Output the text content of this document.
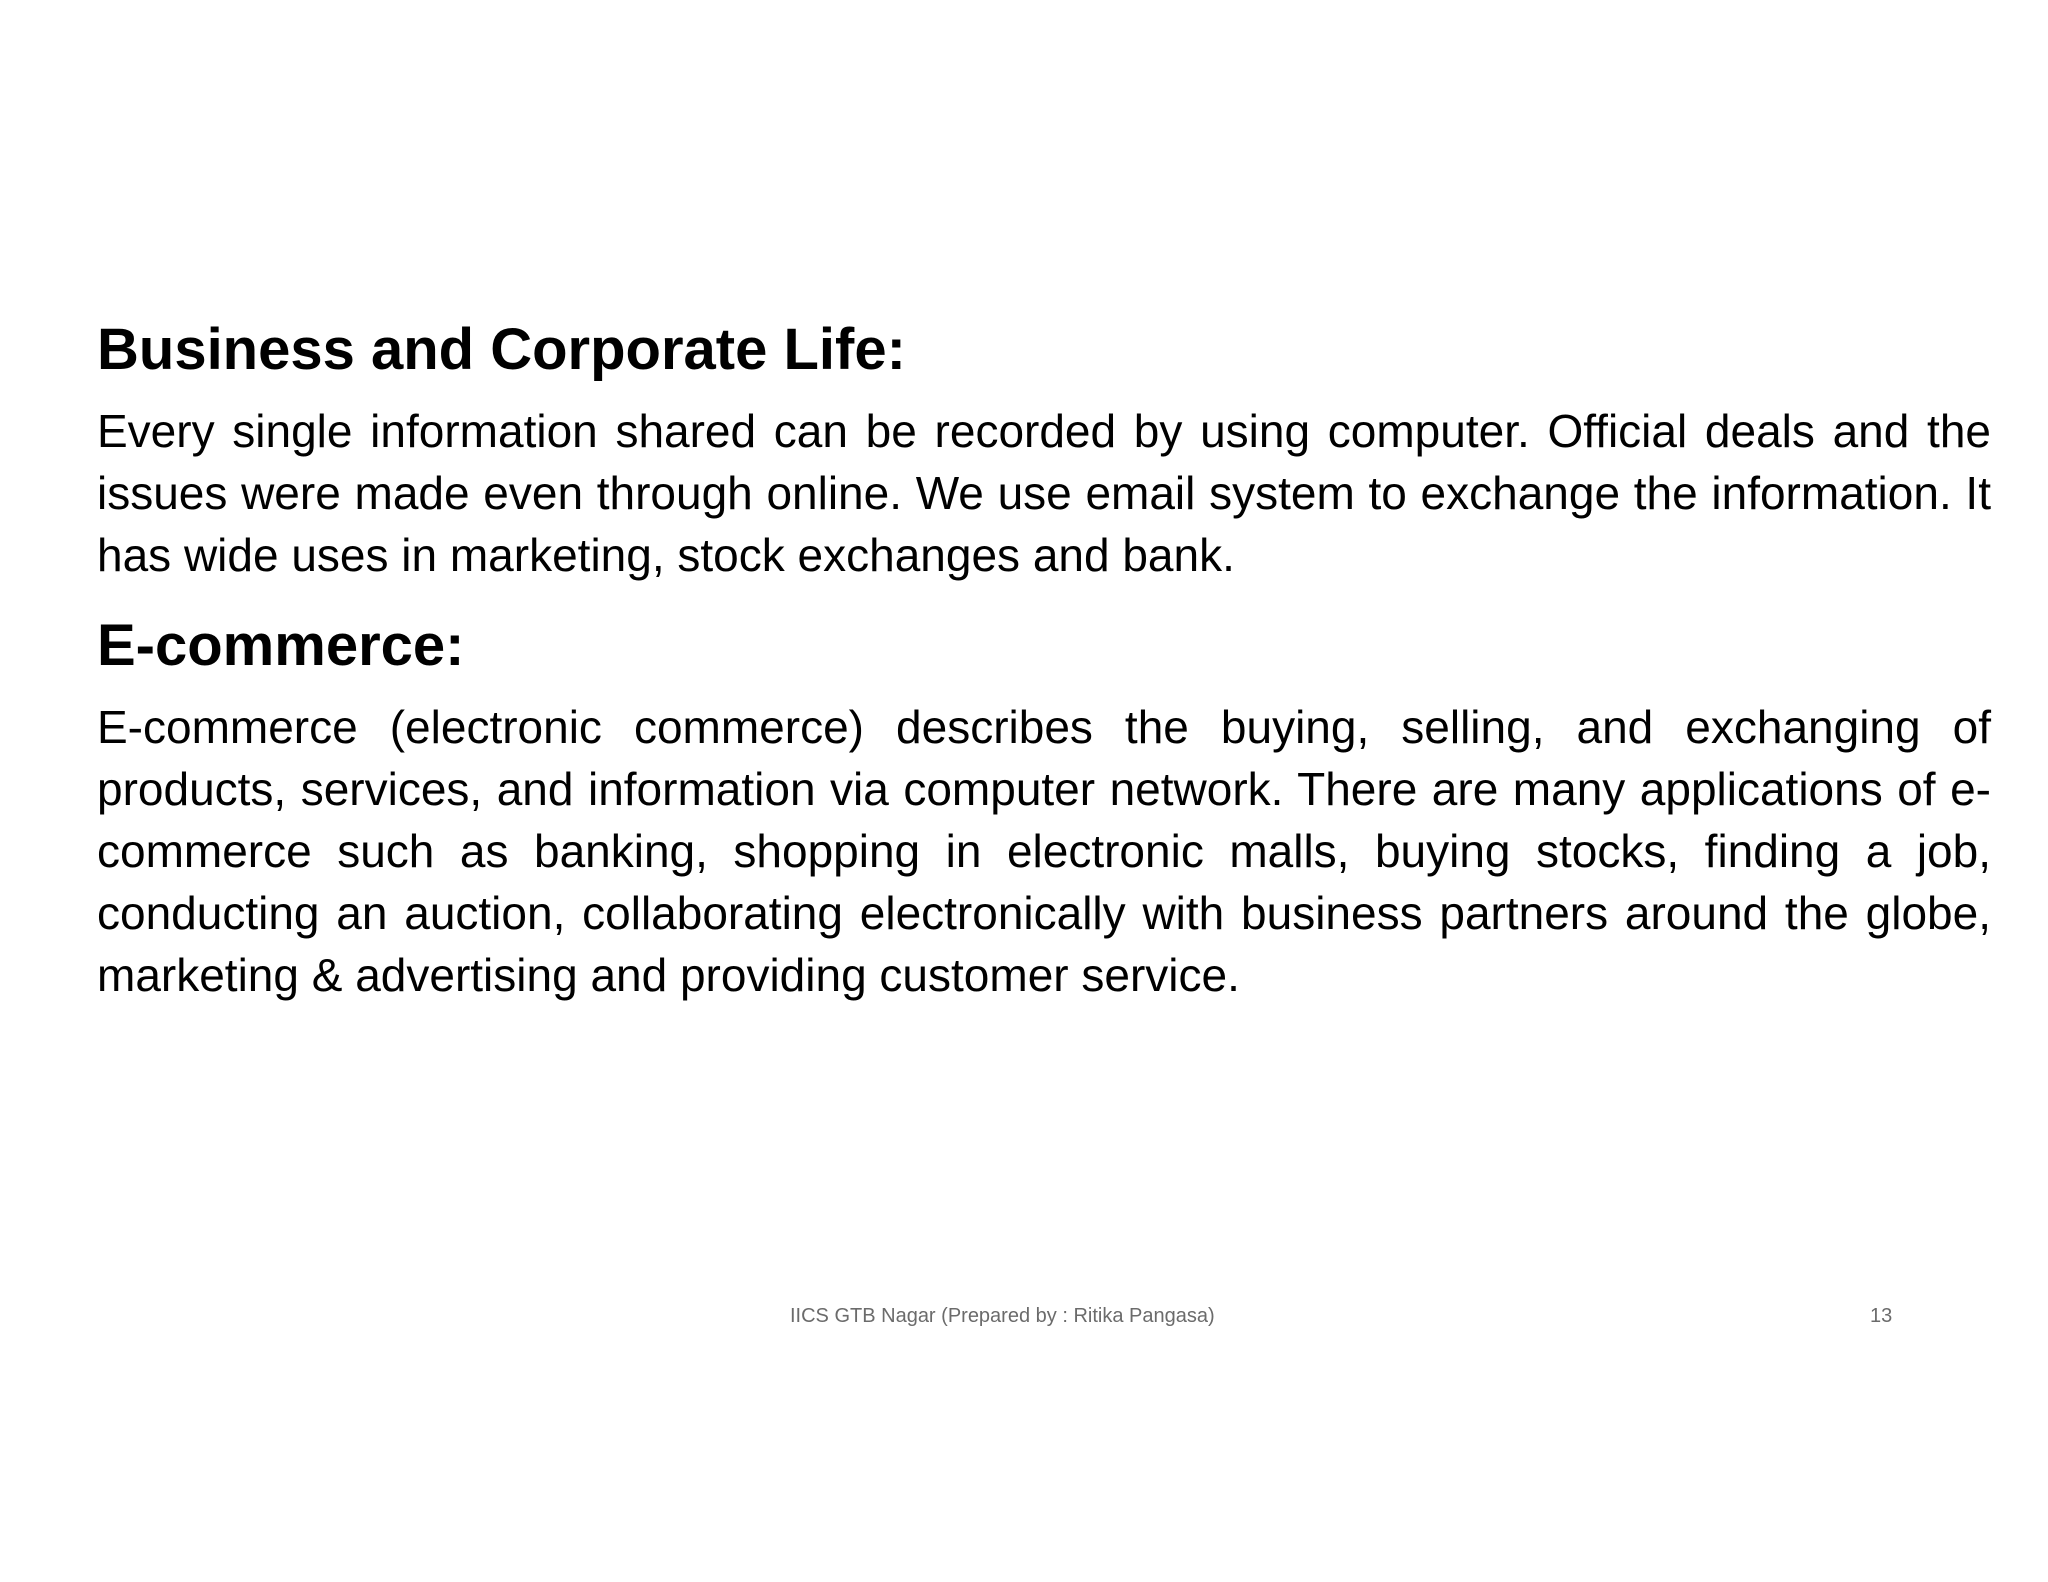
Business and Corporate Life:

Every single information shared can be recorded by using computer. Official deals and the issues were made even through online. We use email system to exchange the information. It has wide uses in marketing, stock exchanges and bank.

E-commerce:

E-commerce (electronic commerce) describes the buying, selling, and exchanging of products, services, and information via computer network. There are many applications of e-commerce such as banking, shopping in electronic malls, buying stocks, finding a job, conducting an auction, collaborating electronically with business partners around the globe, marketing & advertising and providing customer service.

IICS GTB Nagar (Prepared by : Ritika Pangasa)	13
